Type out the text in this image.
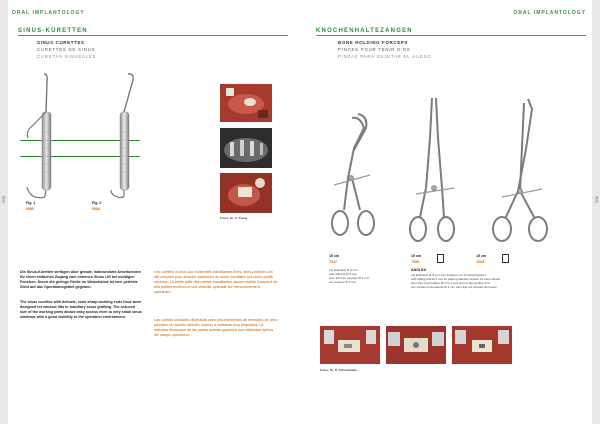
ORAL IMPLANTOLOGY	ORAL IMPLANTOLOGY
200	201
SINUS-KÜRETTEN
SINUS CURETTES
CURETTES DE SINUS
CURETAS SINUSALES
Fig. 1
0085
Fig. 2
0086
Fotos: Dr. A. Tseng
Die Sinus-Küretten verfügen über gerade, halbrundarte Arbeitsenden für einen einfachen Zugang zum externen Sinus Lift bei muldigen Fenstern. Durch die geringe Größe im Winkelstück ist eine perfekte Sicht auf das Operationsgebiet gegeben.
The sinus curettes with delicate, semi-sharp working ends have been designed for window lifts in maxillary sinus grafting. The reduced size of the working parts allows easy access even to very small sinus windows with a good visibility to the operation environment.
Les curettes à sinus aux extrémités travaillantes fines, semi-pointues ont été conçues pour accéder facilement au sinus maxillaire lors d'une greffe osseuse. La petite taille des parties travaillantes assure facilité d'accès à de très petites fenêtres et une visibilité optimale sur l'environnement opératoire.
Las curetas sinusales diseñadas para procedimientos de elevación de seno permiten un acceso sencillo, incluso a ventanas muy pequeñas. La reducida dimensión de las partes activas garantiza una visibilidad óptima del campo operatorio.
KNOCHENHALTEZANGEN
BONE HOLDING FORCEPS
PINCES POUR TENIR D'OS
PINZAS PARA SUJETAR EL HUESO
15 cm
7047
mit Endstück Ø 3 mm
with drill bits Ø 3 mm
pour foret de perçage Ø 3 mm
con soporte Ø 3 mm
15 cm
7050
15 cm
7053
ANGLED
mit Endstück Ø 3 mm zum Fixieren von Knochenblöcken
with drilling bits Ø 3 mm for placing titanium screws for bone blocks
avec bits d'perforation Ø 3 mm pour ancrer des greffes d'os
con puntas perforadoras Ø 3 mm para fijar los bloques de hueso
Fotos: Dr. D. Schneidewin
